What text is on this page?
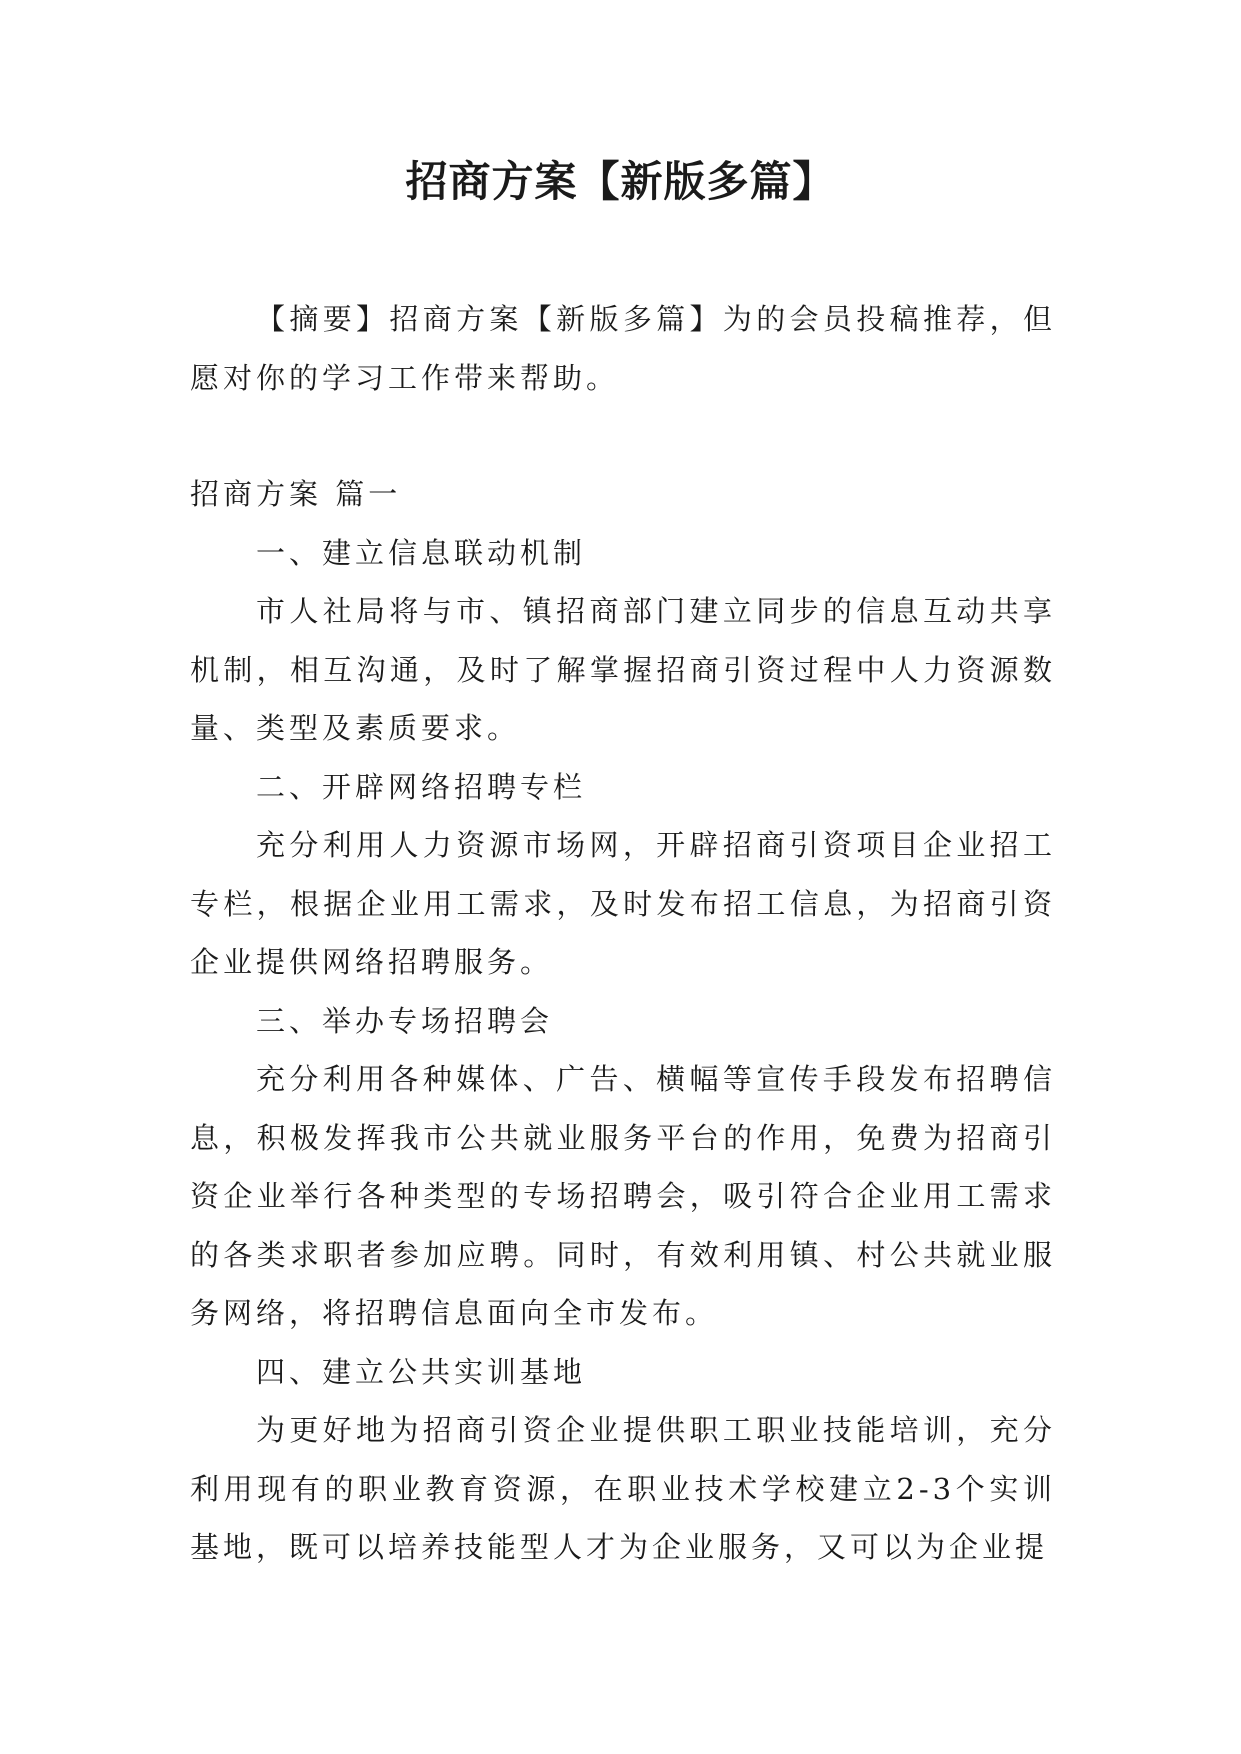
招商方案【新版多篇】

【摘要】招商方案【新版多篇】为的会员投稿推荐，但愿对你的学习工作带来帮助。

招商方案 篇一

一、建立信息联动机制

市人社局将与市、镇招商部门建立同步的信息互动共享机制，相互沟通，及时了解掌握招商引资过程中人力资源数量、类型及素质要求。

二、开辟网络招聘专栏

充分利用人力资源市场网，开辟招商引资项目企业招工专栏，根据企业用工需求，及时发布招工信息，为招商引资企业提供网络招聘服务。

三、举办专场招聘会

充分利用各种媒体、广告、横幅等宣传手段发布招聘信息，积极发挥我市公共就业服务平台的作用，免费为招商引资企业举行各种类型的专场招聘会，吸引符合企业用工需求的各类求职者参加应聘。同时，有效利用镇、村公共就业服务网络，将招聘信息面向全市发布。

四、建立公共实训基地

为更好地为招商引资企业提供职工职业技能培训，充分利用现有的职业教育资源，在职业技术学校建立2-3个实训基地，既可以培养技能型人才为企业服务，又可以为企业提
